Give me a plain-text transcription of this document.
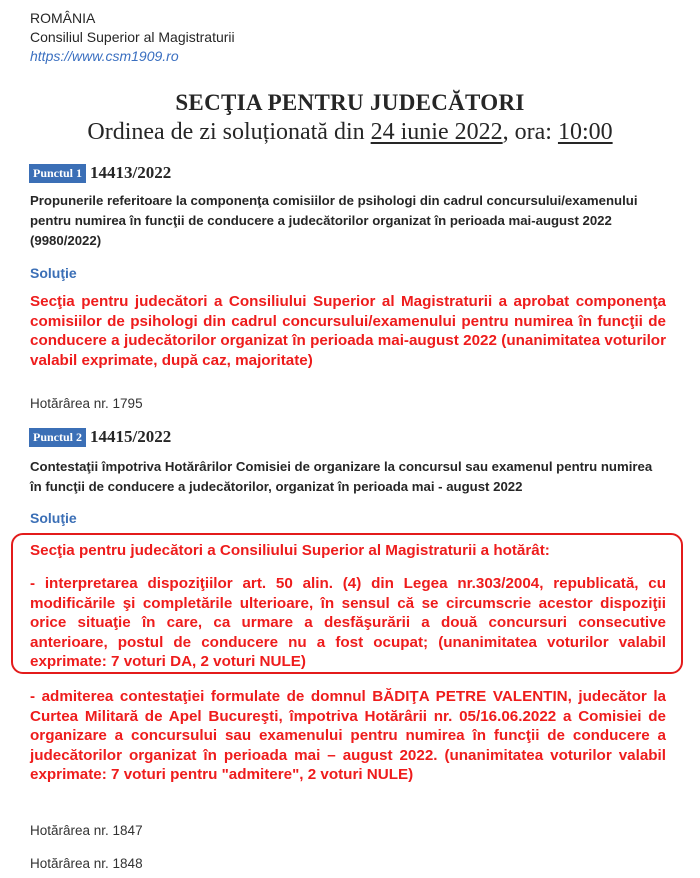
ROMÂNIA
Consiliul Superior al Magistraturii
https://www.csm1909.ro
SECŢIA PENTRU JUDECĂTORI
Ordinea de zi soluționată din 24 iunie 2022, ora: 10:00
Punctul 1 14413/2022
Propunerile referitoare la componenţa comisiilor de psihologi din cadrul concursului/examenului pentru numirea în funcţii de conducere a judecătorilor organizat în perioada mai-august 2022 (9980/2022)
Soluţie
Secţia pentru judecători a Consiliului Superior al Magistraturii a aprobat componenţa comisiilor de psihologi din cadrul concursului/examenului pentru numirea în funcţii de conducere a judecătorilor organizat în perioada mai-august 2022 (unanimitatea voturilor valabil exprimate, după caz, majoritate)
Hotărârea nr. 1795
Punctul 2 14415/2022
Contestaţii împotriva Hotărârilor Comisiei de organizare la concursul sau examenul pentru numirea în funcţii de conducere a judecătorilor, organizat în perioada mai - august 2022
Soluţie
Secţia pentru judecători a Consiliului Superior al Magistraturii a hotărât:
- interpretarea dispoziţiilor art. 50 alin. (4) din Legea nr.303/2004, republicată, cu modificările şi completările ulterioare, în sensul că se circumscrie acestor dispoziţii orice situaţie în care, ca urmare a desfăşurării a două concursuri consecutive anterioare, postul de conducere nu a fost ocupat; (unanimitatea voturilor valabil exprimate: 7 voturi DA, 2 voturi NULE)
- admiterea contestaţiei formulate de domnul BĂDIŢA PETRE VALENTIN, judecător la Curtea Militară de Apel Bucureşti, împotriva Hotărârii nr. 05/16.06.2022 a Comisiei de organizare a concursului sau examenului pentru numirea în funcţii de conducere a judecătorilor organizat în perioada mai – august 2022. (unanimitatea voturilor valabil exprimate: 7 voturi pentru "admitere", 2 voturi NULE)
Hotărârea nr. 1847
Hotărârea nr. 1848
